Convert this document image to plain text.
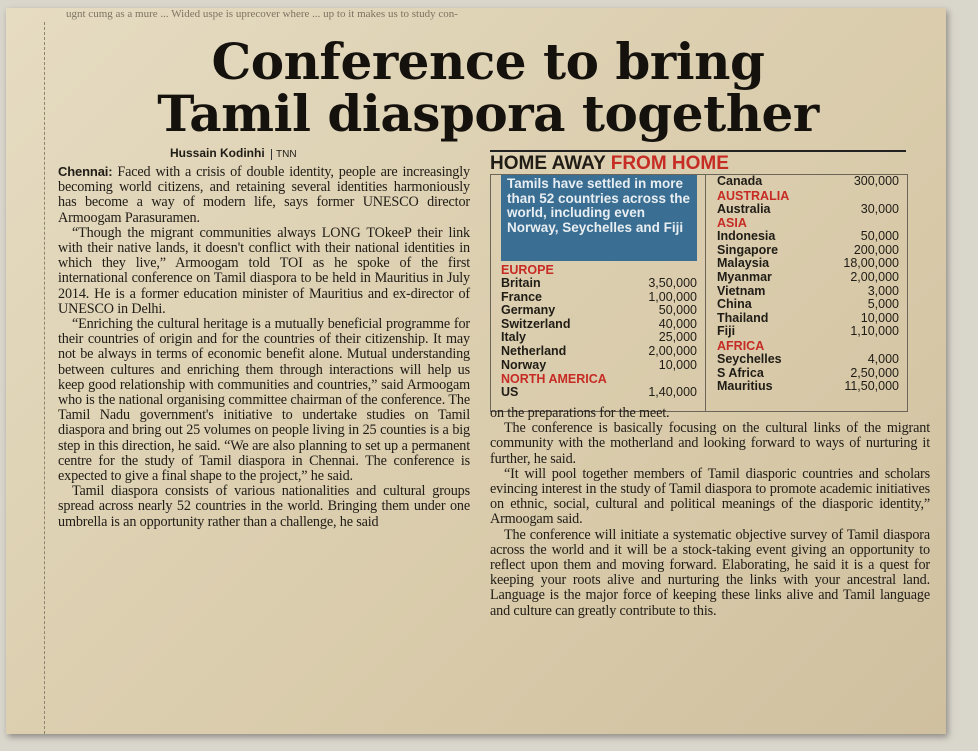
ugnt cumg as a mure ... Wided uspe is uprecover where ... up to it makes us to study con-
Conference to bring
Tamil diaspora together
Hussain Kodinhi TNN

Chennai: Faced with a crisis of double identity, people are increasingly becoming world citizens, and retaining several identities harmoniously has become a way of modern life, says former UNESCO director Armoogam Parasuramen.

“Though the migrant communities always LONG TOkeeP their link with their native lands, it doesn't conflict with their national identities in which they live,” Armoogam told TOI as he spoke of the first international conference on Tamil diaspora to be held in Mauritius in July 2014. He is a former education minister of Mauritius and ex-director of UNESCO in Delhi.

“Enriching the cultural heritage is a mutually beneficial programme for their countries of origin and for the countries of their citizenship. It may not be always in terms of economic benefit alone. Mutual understanding between cultures and enriching them through interactions will help us keep good relationship with communities and countries,” said Armoogam who is the national organising committee chairman of the conference. The Tamil Nadu government's initiative to undertake studies on Tamil diaspora and bring out 25 volumes on people living in 25 counties is a big step in this direction, he said. “We are also planning to set up a permanent centre for the study of Tamil diaspora in Chennai. The conference is expected to give a final shape to the project,” he said.

Tamil diaspora consists of various nationalities and cultural groups spread across nearly 52 countries in the world. Bringing them under one umbrella is an opportunity rather than a challenge, he said

HOME AWAY FROM HOME
Tamils have settled in more than 52 countries across the world, including even Norway, Seychelles and Fiji
EUROPE
Britain	3,50,000
France	1,00,000
Germany	50,000
Switzerland	40,000
Italy	25,000
Netherland	2,00,000
Norway	10,000
NORTH AMERICA
US	1,40,000
Canada	300,000
AUSTRALIA
Australia	30,000
ASIA
Indonesia	50,000
Singapore	200,000
Malaysia	18,00,000
Myanmar	2,00,000
Vietnam	3,000
China	5,000
Thailand	10,000
Fiji	1,10,000
AFRICA
Seychelles	4,000
S Africa	2,50,000
Mauritius	11,50,000

on the preparations for the meet.

The conference is basically focusing on the cultural links of the migrant community with the motherland and looking forward to ways of nurturing it further, he said.

“It will pool together members of Tamil diasporic countries and scholars evincing interest in the study of Tamil diaspora to promote academic initiatives on ethnic, social, cultural and political meanings of the diasporic identity,” Armoogam said.

The conference will initiate a systematic objective survey of Tamil diaspora across the world and it will be a stock-taking event giving an opportunity to reflect upon them and moving forward. Elaborating, he said it is a quest for keeping your roots alive and nurturing the links with your ancestral land. Language is the major force of keeping these links alive and Tamil language and culture can greatly contribute to this.
